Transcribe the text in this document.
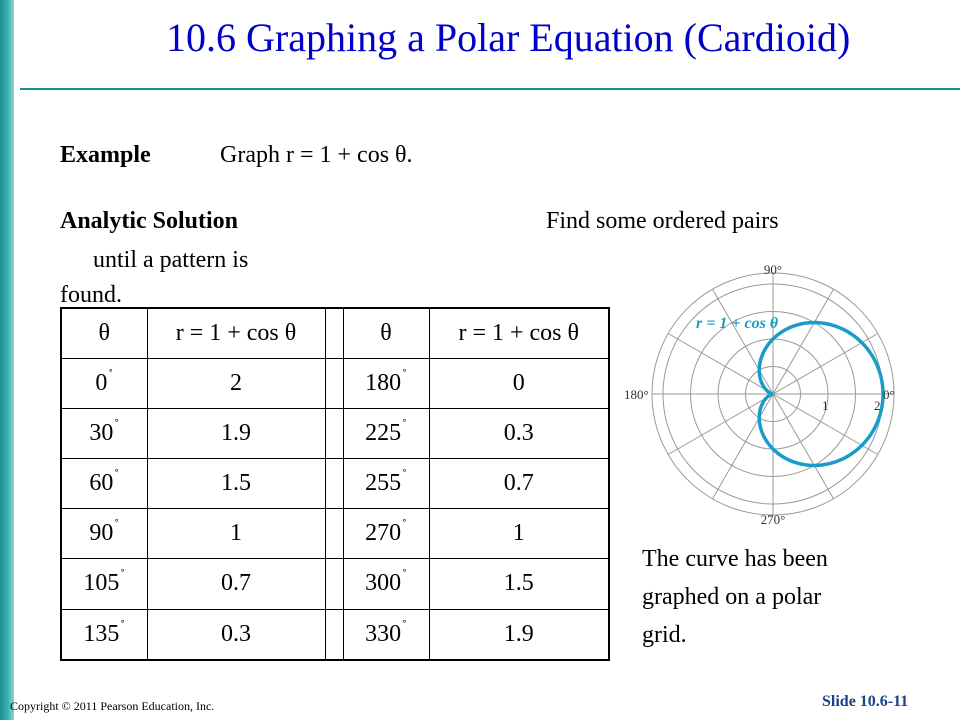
10.6 Graphing a Polar Equation (Cardioid)
Example	Graph r = 1 + cos θ.
Analytic Solution	Find some ordered pairs
until a pattern is
found.
θ	r = 1 + cos θ		θ	r = 1 + cos θ
0˚	2		180˚	0
30˚	1.9		225˚	0.3
60˚	1.5		255˚	0.7
90˚	1		270˚	1
105˚	0.7		300˚	1.5
135˚	0.3		330˚	1.9
90°
180°	0°
270°
1	2
r = 1 + cos θ
The curve has been
graphed on a polar
grid.
Copyright © 2011 Pearson Education, Inc.	Slide 10.6-11
